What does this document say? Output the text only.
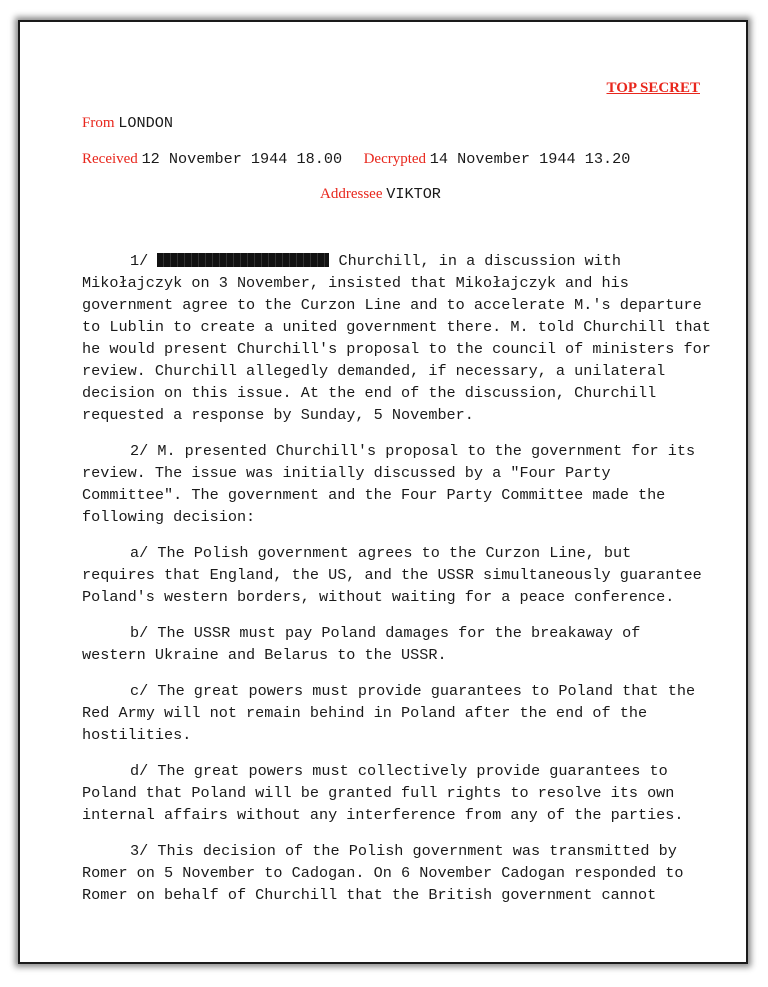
TOP SECRET
From LONDON
Received 12 November 1944 18.00 Decrypted 14 November 1944 13.20
Addressee VIKTOR

1/	Churchill, in a discussion with Mikołajczyk on 3 November, insisted that Mikołajczyk and his government agree to the Curzon Line and to accelerate M.'s departure to Lublin to create a united government there. M. told Churchill that he would present Churchill's proposal to the council of ministers for review. Churchill allegedly demanded, if necessary, a unilateral decision on this issue. At the end of the discussion, Churchill requested a response by Sunday, 5 November.

2/ M. presented Churchill's proposal to the government for its review. The issue was initially discussed by a "Four Party Committee". The government and the Four Party Committee made the following decision:

a/ The Polish government agrees to the Curzon Line, but requires that England, the US, and the USSR simultaneously guarantee Poland's western borders, without waiting for a peace conference.

b/ The USSR must pay Poland damages for the breakaway of western Ukraine and Belarus to the USSR.

c/ The great powers must provide guarantees to Poland that the Red Army will not remain behind in Poland after the end of the hostilities.

d/ The great powers must collectively provide guarantees to Poland that Poland will be granted full rights to resolve its own internal affairs without any interference from any of the parties.

3/ This decision of the Polish government was transmitted by Romer on 5 November to Cadogan. On 6 November Cadogan responded to Romer on behalf of Churchill that the British government cannot
